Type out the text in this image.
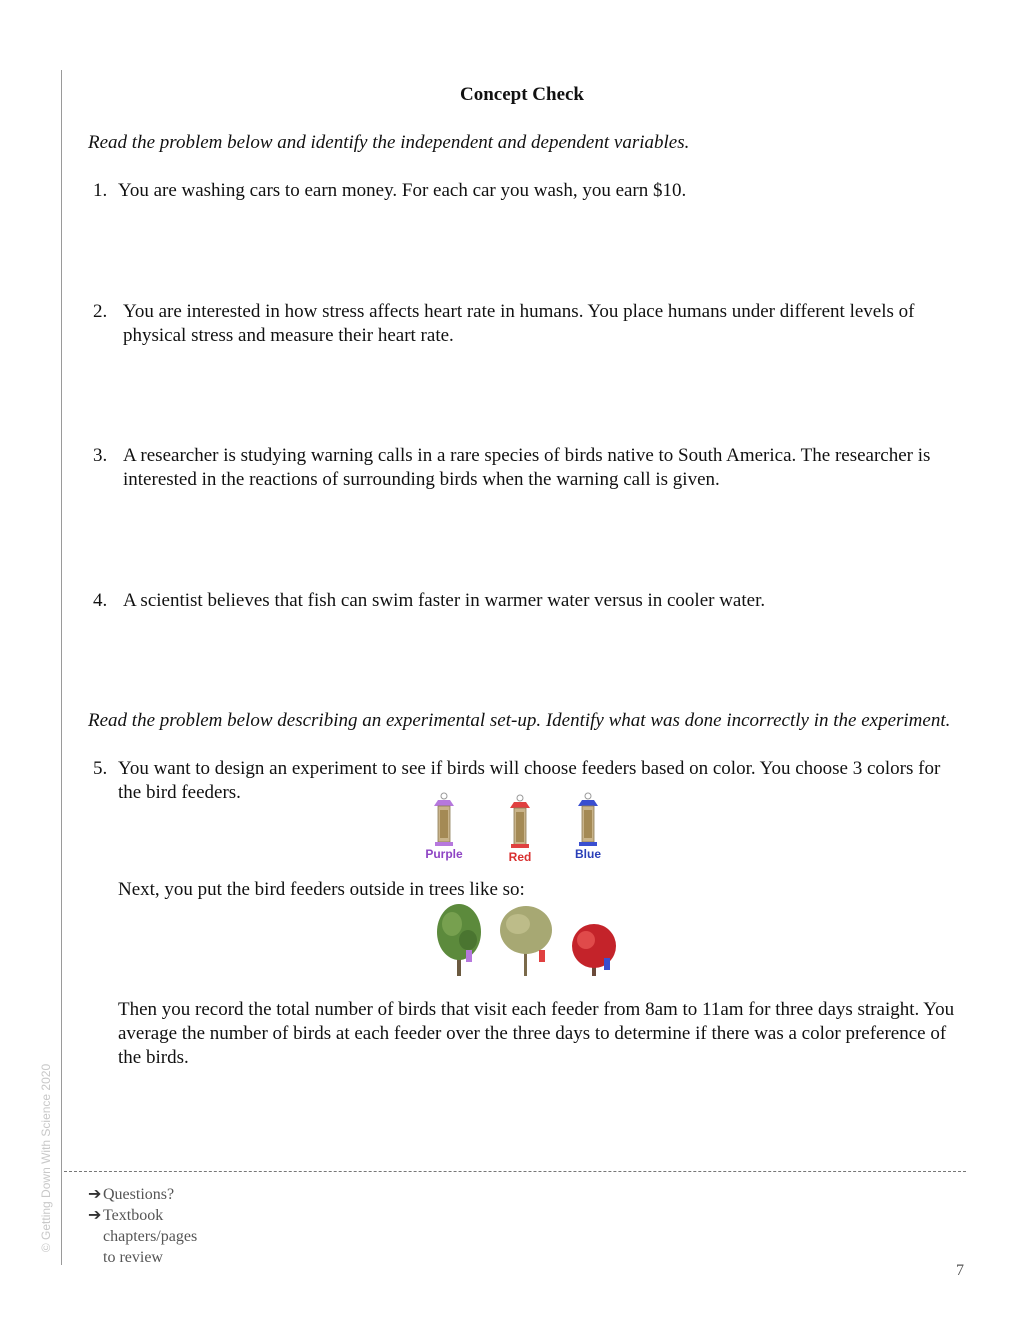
© Getting Down With Science 2020
Concept Check
Read the problem below and identify the independent and dependent variables.
1. You are washing cars to earn money. For each car you wash, you earn $10.
2. You are interested in how stress affects heart rate in humans. You place humans under different levels of physical stress and measure their heart rate.
3. A researcher is studying warning calls in a rare species of birds native to South America. The researcher is interested in the reactions of surrounding birds when the warning call is given.
4. A scientist believes that fish can swim faster in warmer water versus in cooler water.
Read the problem below describing an experimental set-up. Identify what was done incorrectly in the experiment.
5. You want to design an experiment to see if birds will choose feeders based on color. You choose 3 colors for the bird feeders.
Purple	Red	Blue
Next, you put the bird feeders outside in trees like so:
Then you record the total number of birds that visit each feeder from 8am to 11am for three days straight. You average the number of birds at each feeder over the three days to determine if there was a color preference of the birds.
➔ Questions?
➔ Textbook
chapters/pages
to review
7
